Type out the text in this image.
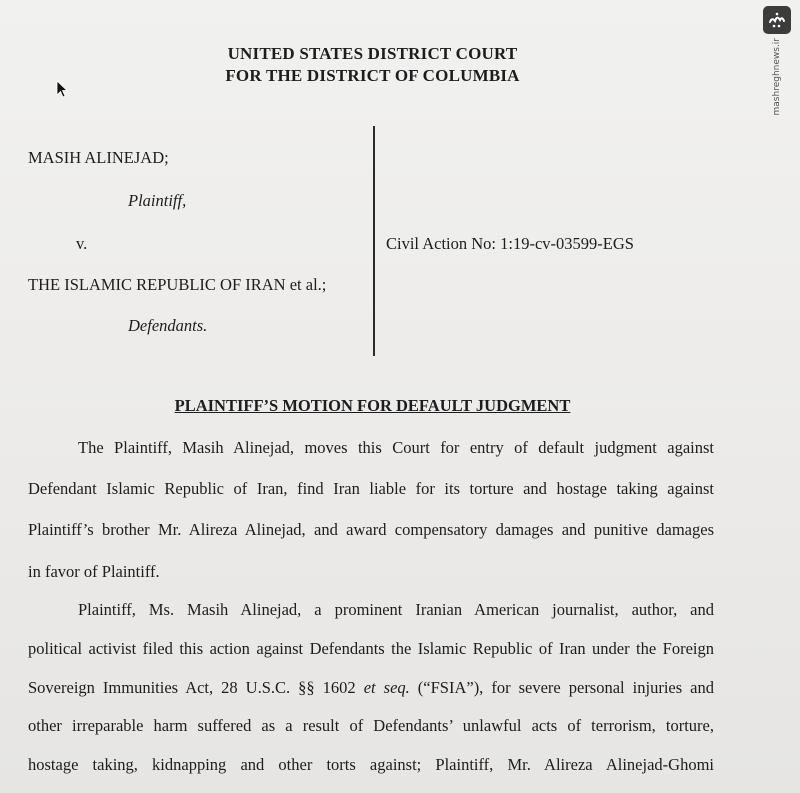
UNITED STATES DISTRICT COURT
FOR THE DISTRICT OF COLUMBIA
MASIH ALINEJAD;
Plaintiff,
v.
THE ISLAMIC REPUBLIC OF IRAN et al.;
Defendants.
Civil Action No: 1:19-cv-03599-EGS
PLAINTIFF’S MOTION FOR DEFAULT JUDGMENT
The Plaintiff, Masih Alinejad, moves this Court for entry of default judgment against
Defendant Islamic Republic of Iran, find Iran liable for its torture and hostage taking against
Plaintiff’s brother Mr. Alireza Alinejad, and award compensatory damages and punitive damages
in favor of Plaintiff.
Plaintiff, Ms. Masih Alinejad, a prominent Iranian American journalist, author, and
political activist filed this action against Defendants the Islamic Republic of Iran under the Foreign
Sovereign Immunities Act, 28 U.S.C. §§ 1602 et seq. (“FSIA”), for severe personal injuries and
other irreparable harm suffered as a result of Defendants’ unlawful acts of terrorism, torture,
hostage taking, kidnapping and other torts against; Plaintiff, Mr. Alireza Alinejad-Ghomi
mashreghnews.ir
